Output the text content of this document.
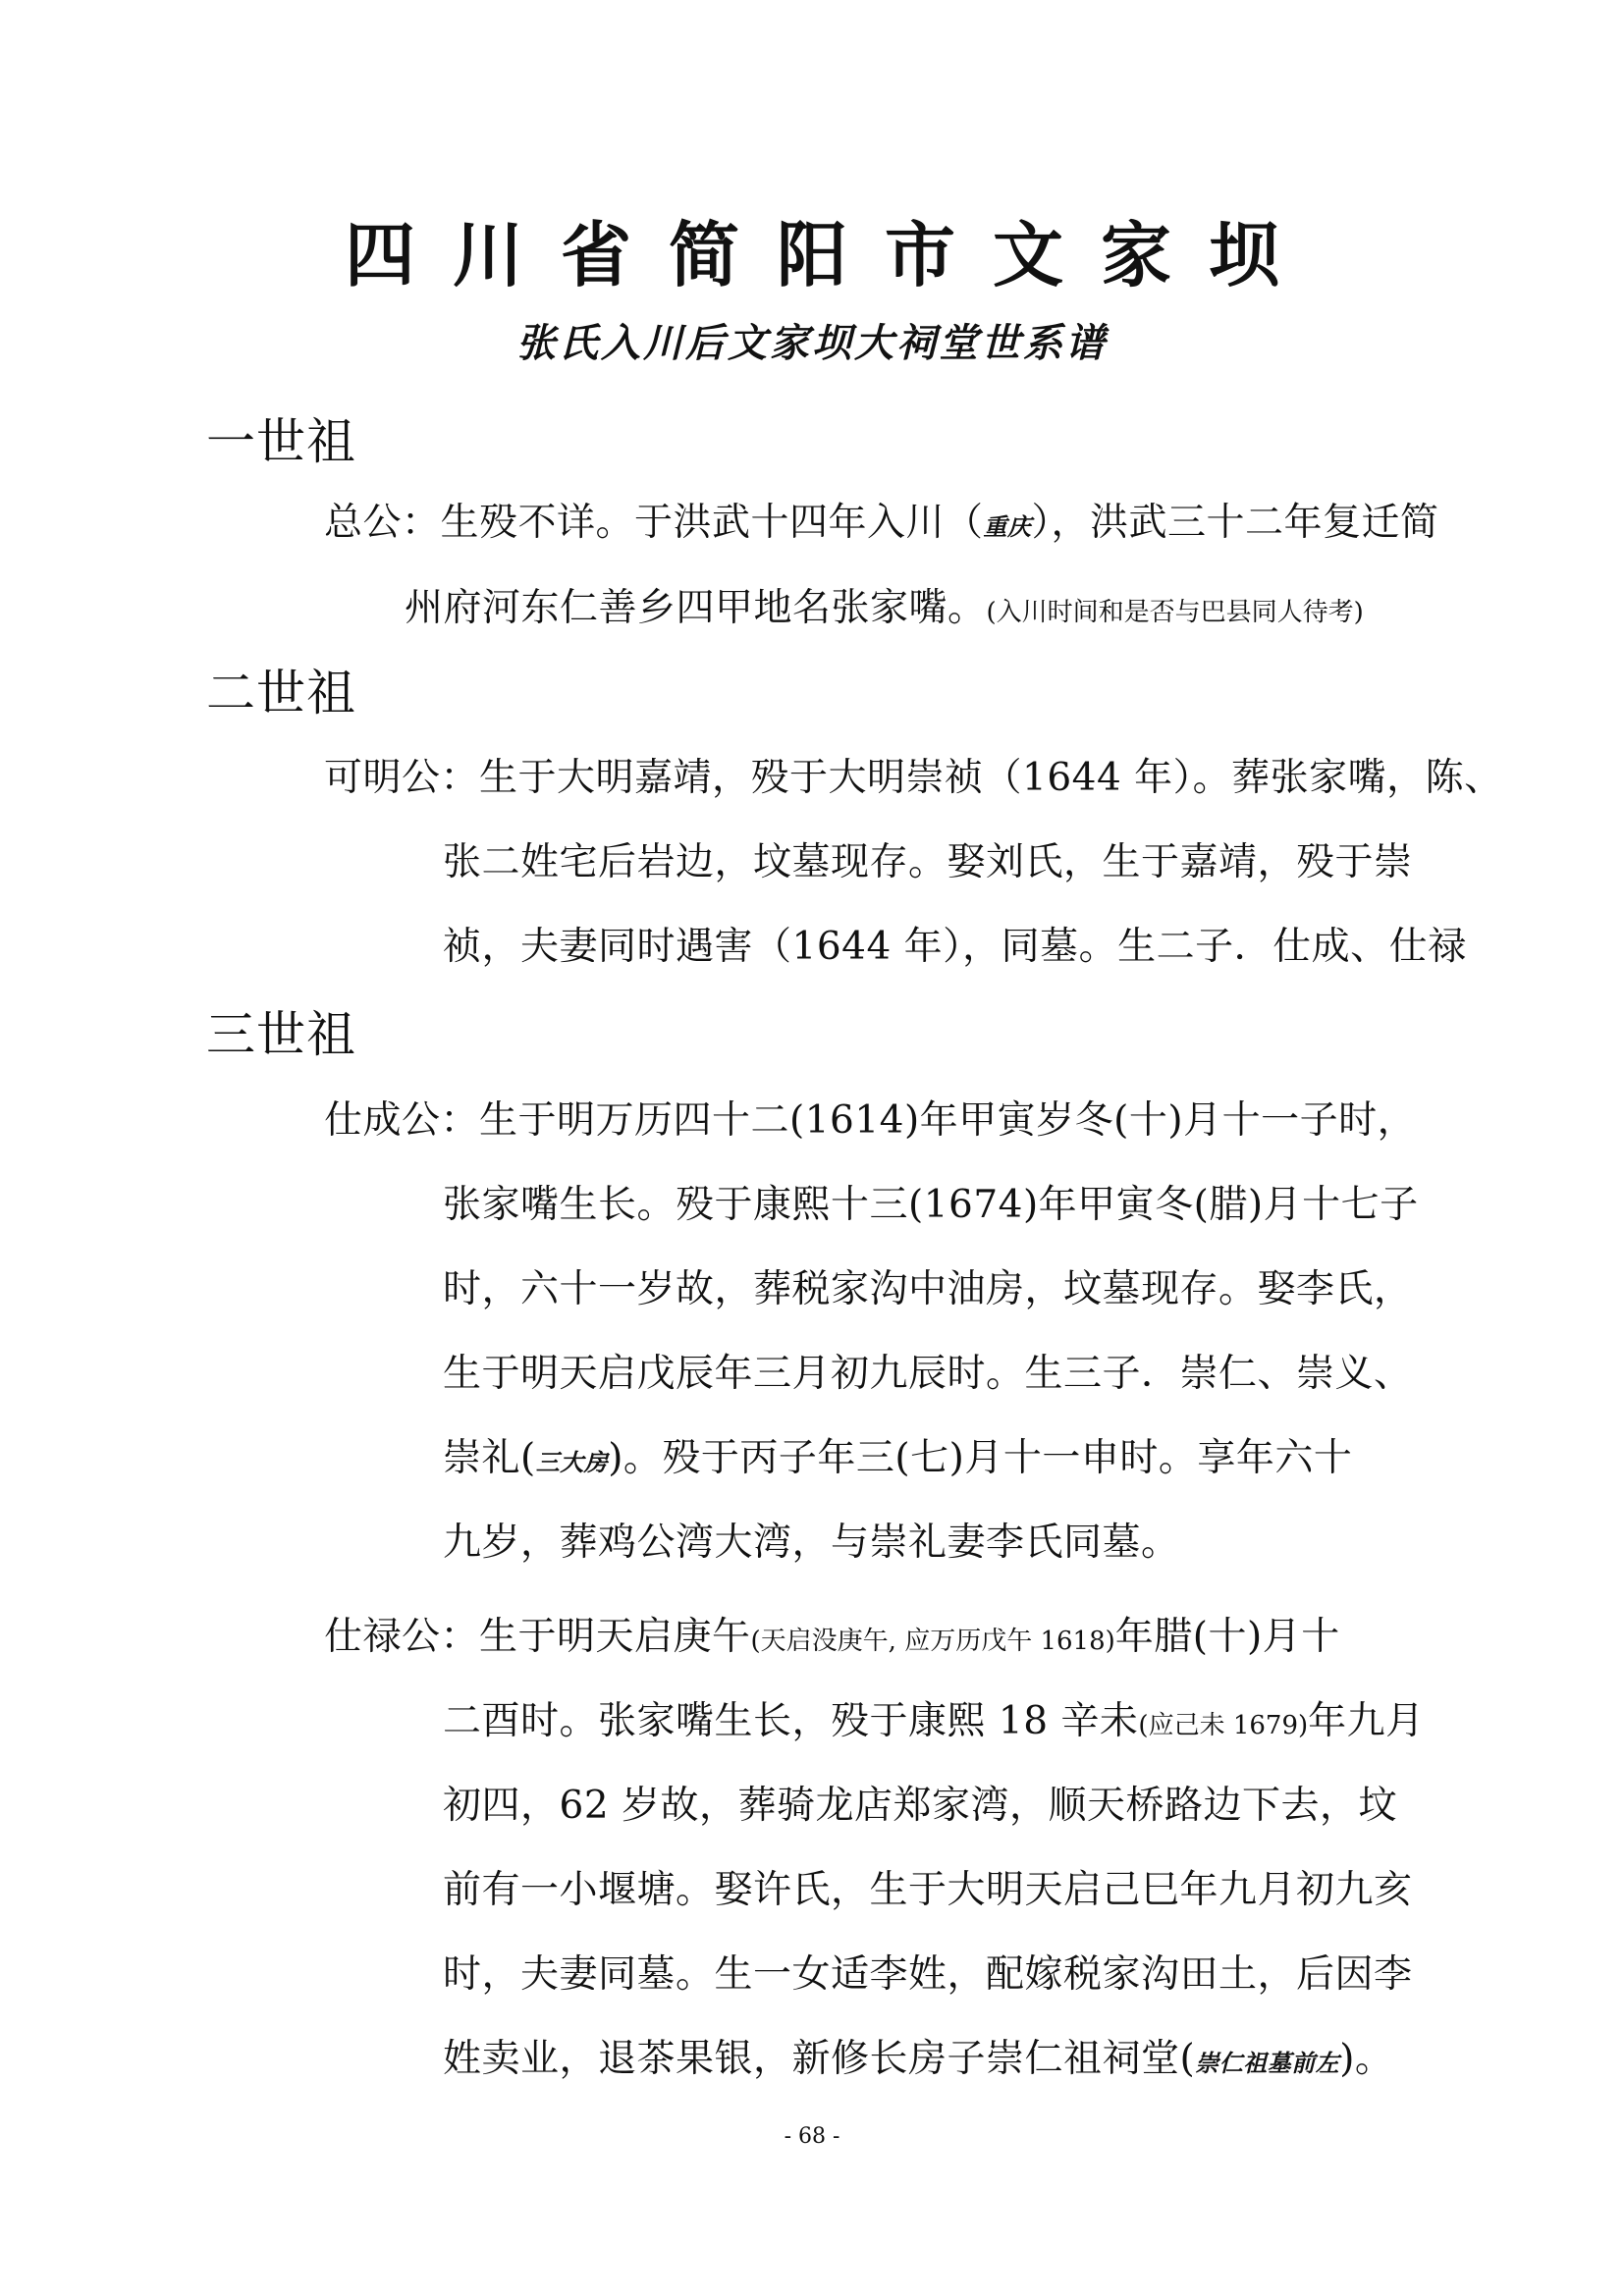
四川省简阳市文家坝
张氏入川后文家坝大祠堂世系谱
一世祖
总公：生殁不详。于洪武十四年入川（重庆），洪武三十二年复迁简
州府河东仁善乡四甲地名张家嘴。(入川时间和是否与巴县同人待考)
二世祖
可明公：生于大明嘉靖，殁于大明崇祯（1644 年）。葬张家嘴，陈、
张二姓宅后岩边，坟墓现存。娶刘氏，生于嘉靖，殁于崇
祯，夫妻同时遇害（1644 年），同墓。生二子．仕成、仕禄
三世祖
仕成公：生于明万历四十二(1614)年甲寅岁冬(十)月十一子时，
张家嘴生长。殁于康熙十三(1674)年甲寅冬(腊)月十七子
时，六十一岁故，葬税家沟中油房，坟墓现存。娶李氏，
生于明天启戊辰年三月初九辰时。生三子．崇仁、崇义、
崇礼(三大房)。殁于丙子年三(七)月十一申时。享年六十
九岁，葬鸡公湾大湾，与崇礼妻李氏同墓。
仕禄公：生于明天启庚午(天启没庚午, 应万历戊午 1618)年腊(十)月十
二酉时。张家嘴生长，殁于康熙 18 辛未(应己未 1679)年九月
初四，62 岁故，葬骑龙店郑家湾，顺天桥路边下去，坟
前有一小堰塘。娶许氏，生于大明天启己巳年九月初九亥
时，夫妻同墓。生一女适李姓，配嫁税家沟田土，后因李
姓卖业，退茶果银，新修长房子崇仁祖祠堂(崇仁祖墓前左)。
- 68 -
